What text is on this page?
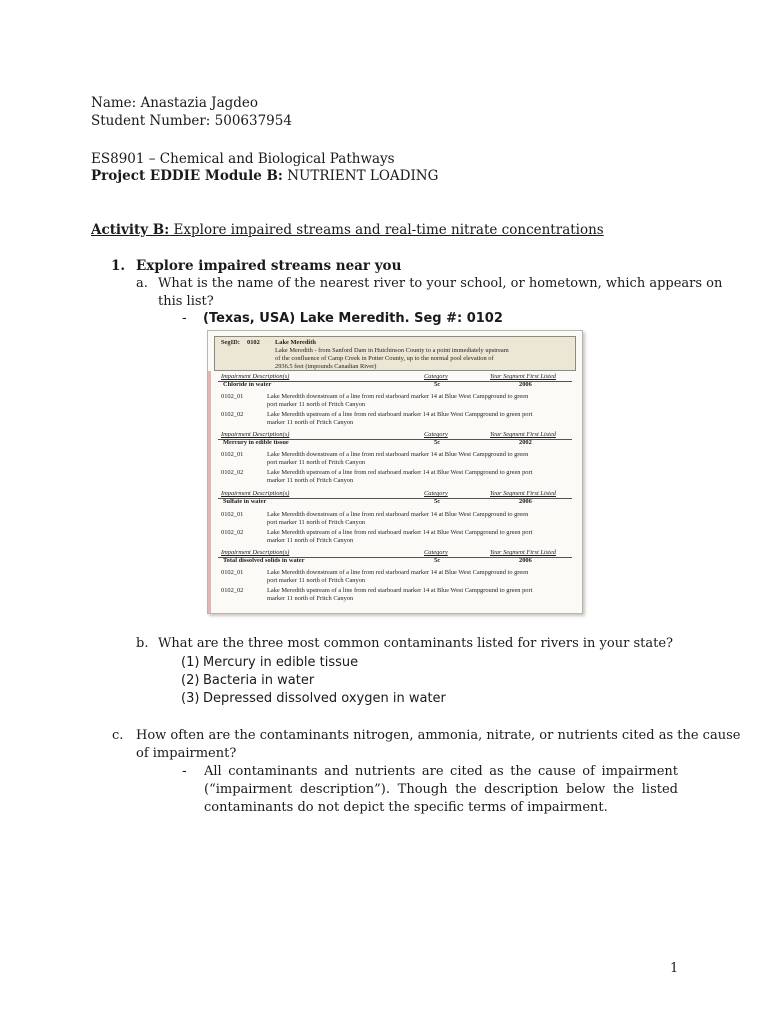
Name: Anastazia Jagdeo
Student Number: 500637954
ES8901 – Chemical and Biological Pathways
Project EDDIE Module B: NUTRIENT LOADING
Activity B: Explore impaired streams and real-time nitrate concentrations
1. Explore impaired streams near you
a. What is the name of the nearest river to your school, or hometown, which appears on
this list?
- (Texas, USA) Lake Meredith. Seg #: 0102
SegID: 0102 Lake Meredith
Lake Meredith - from Sanford Dam in Hutchinson County to a point immediately upstream
of the confluence of Camp Creek in Potter County, up to the normal pool elevation of
2936.5 feet (impounds Canadian River)
Impairment Description(s)	Category	Year Segment First Listed
Chloride in water	5c	2006
0102_01	Lake Meredith downstream of a line from red starboard marker 14 at Blue West Campground to green
port marker 11 north of Fritch Canyon
0102_02	Lake Meredith upstream of a line from red starboard marker 14 at Blue West Campground to green port
marker 11 north of Fritch Canyon
Impairment Description(s)	Category	Year Segment First Listed
Mercury in edible tissue	5c	2002
0102_01	Lake Meredith downstream of a line from red starboard marker 14 at Blue West Campground to green
port marker 11 north of Fritch Canyon
0102_02	Lake Meredith upstream of a line from red starboard marker 14 at Blue West Campground to green port
marker 11 north of Fritch Canyon
Impairment Description(s)	Category	Year Segment First Listed
Sulfate in water	5c	2006
0102_01	Lake Meredith downstream of a line from red starboard marker 14 at Blue West Campground to green
port marker 11 north of Fritch Canyon
0102_02	Lake Meredith upstream of a line from red starboard marker 14 at Blue West Campground to green port
marker 11 north of Fritch Canyon
Impairment Description(s)	Category	Year Segment First Listed
Total dissolved solids in water	5c	2006
0102_01	Lake Meredith downstream of a line from red starboard marker 14 at Blue West Campground to green
port marker 11 north of Fritch Canyon
0102_02	Lake Meredith upstream of a line from red starboard marker 14 at Blue West Campground to green port
marker 11 north of Fritch Canyon
b. What are the three most common contaminants listed for rivers in your state?
(1) Mercury in edible tissue
(2) Bacteria in water
(3) Depressed dissolved oxygen in water
c. How often are the contaminants nitrogen, ammonia, nitrate, or nutrients cited as the cause
of impairment?
- All contaminants and nutrients are cited as the cause of impairment
(“impairment description”). Though the description below the listed
contaminants do not depict the specific terms of impairment.
1
